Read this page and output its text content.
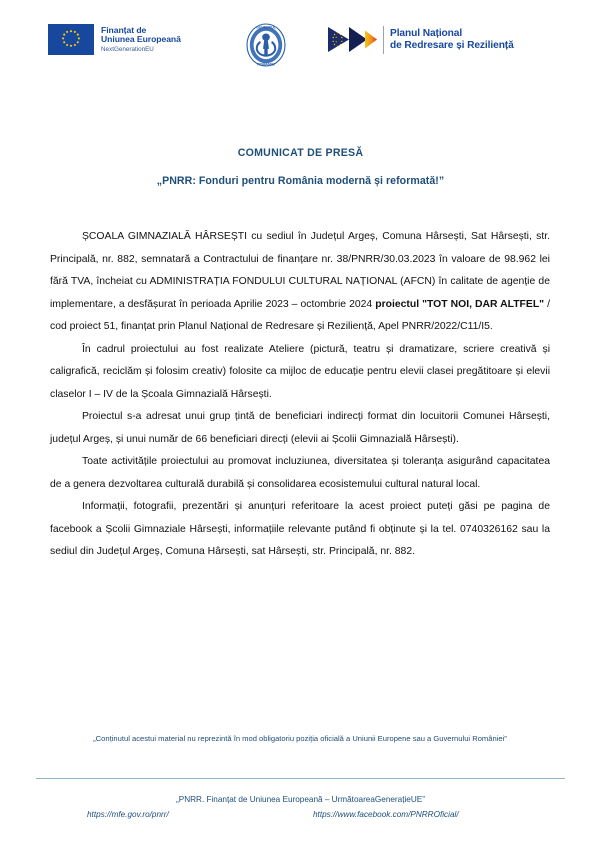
Finanțat de
Uniunea Europeană
NextGenerationEU
GUVERNUL
ROMÂNIEI
Planul Național
de Redresare și Reziliență
COMUNICAT DE PRESĂ
„PNRR: Fonduri pentru România modernă și reformată!”
ȘCOALA GIMNAZIALĂ HÂRSEȘTI cu sediul în Județul Argeș, Comuna Hârsești, Sat Hârsești, str. Principală, nr. 882, semnatară a Contractului de finanțare nr. 38/PNRR/30.03.2023 în valoare de 98.962 lei fără TVA, încheiat cu ADMINISTRAȚIA FONDULUI CULTURAL NAȚIONAL (AFCN) în calitate de agenție de implementare, a desfășurat în perioada Aprilie 2023 – octombrie 2024 proiectul "TOT NOI, DAR ALTFEL" / cod proiect 51, finanțat prin Planul Național de Redresare și Reziliență, Apel PNRR/2022/C11/I5.
În cadrul proiectului au fost realizate Ateliere (pictură, teatru și dramatizare, scriere creativă și caligrafică, reciclăm și folosim creativ) folosite ca mijloc de educație pentru elevii clasei pregătitoare și elevii claselor I – IV de la Școala Gimnazială Hârsești.
Proiectul s-a adresat unui grup țintă de beneficiari indirecți format din locuitorii Comunei Hârsești, județul Argeș, și unui număr de 66 beneficiari direcți (elevii ai Școlii Gimnazială Hârsești).
Toate activitățile proiectului au promovat incluziunea, diversitatea și toleranța asigurând capacitatea de a genera dezvoltarea culturală durabilă și consolidarea ecosistemului cultural natural local.
Informații, fotografii, prezentări și anunțuri referitoare la acest proiect puteți găsi pe pagina de facebook a Școlii Gimnaziale Hârsești, informațiile relevante putând fi obținute și la tel. 0740326162 sau la sediul din Județul Argeș, Comuna Hârsești, sat Hârsești, str. Principală, nr. 882.
„Conținutul acestui material nu reprezintă în mod obligatoriu poziția oficială a Uniunii Europene sau a Guvernului României”
„PNRR. Finanțat de Uniunea Europeană – UrmătoareaGenerațieUE”
https://mfe.gov.ro/pnrr/	https://www.facebook.com/PNRROficial/
